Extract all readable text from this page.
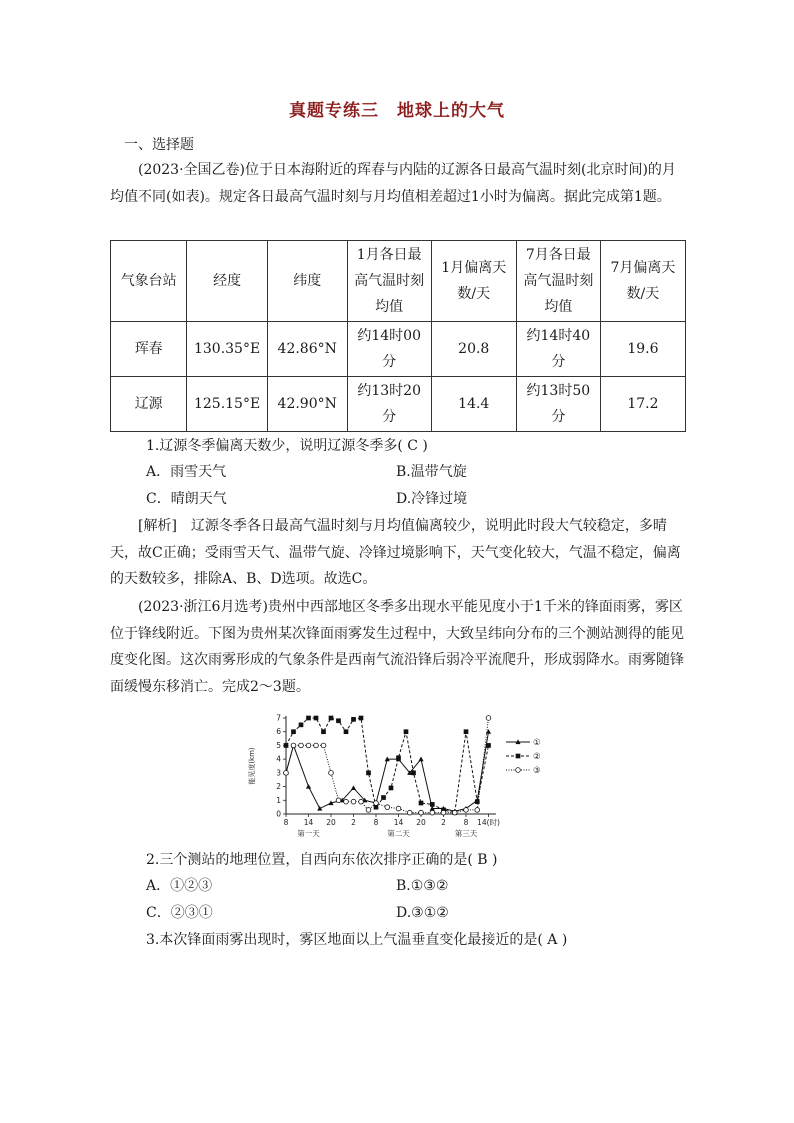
真题专练三　地球上的大气
一、选择题
(2023·全国乙卷)位于日本海附近的珲春与内陆的辽源各日最高气温时刻(北京时间)的月均值不同(如表)。规定各日最高气温时刻与月均值相差超过1小时为偏离。据此完成第1题。
气象台站	经度	纬度	1月各日最高气温时刻均值	1月偏离天数/天	7月各日最高气温时刻均值	7月偏离天数/天
珲春	130.35°E	42.86°N	约14时00分	20.8	约14时40分	19.6
辽源	125.15°E	42.90°N	约13时20分	14.4	约13时50分	17.2
1.辽源冬季偏离天数少，说明辽源冬季多( C )
A．雨雪天气	B.温带气旋
C．晴朗天气	D.冷锋过境
[解析]　辽源冬季各日最高气温时刻与月均值偏离较少，说明此时段大气较稳定，多晴天，故C正确；受雨雪天气、温带气旋、冷锋过境影响下，天气变化较大，气温不稳定，偏离的天数较多，排除A、B、D选项。故选C。
(2023·浙江6月选考)贵州中西部地区冬季多出现水平能见度小于1千米的锋面雨雾，雾区位于锋线附近。下图为贵州某次锋面雨雾发生过程中，大致呈纬向分布的三个测站测得的能见度变化图。这次雨雾形成的气象条件是西南气流沿锋后弱冷平流爬升，形成弱降水。雨雾随锋面缓慢东移消亡。完成2～3题。
能见度(km)
0
1
2
3
4
5
6
7
8 14 20 2 8 14 20 2 8 14(时)
第一天	第二天	第三天
①
②
③
2.三个测站的地理位置，自西向东依次排序正确的是( B )
A．①②③	B.①③②
C．②③①	D.③①②
3.本次锋面雨雾出现时，雾区地面以上气温垂直变化最接近的是( A )
